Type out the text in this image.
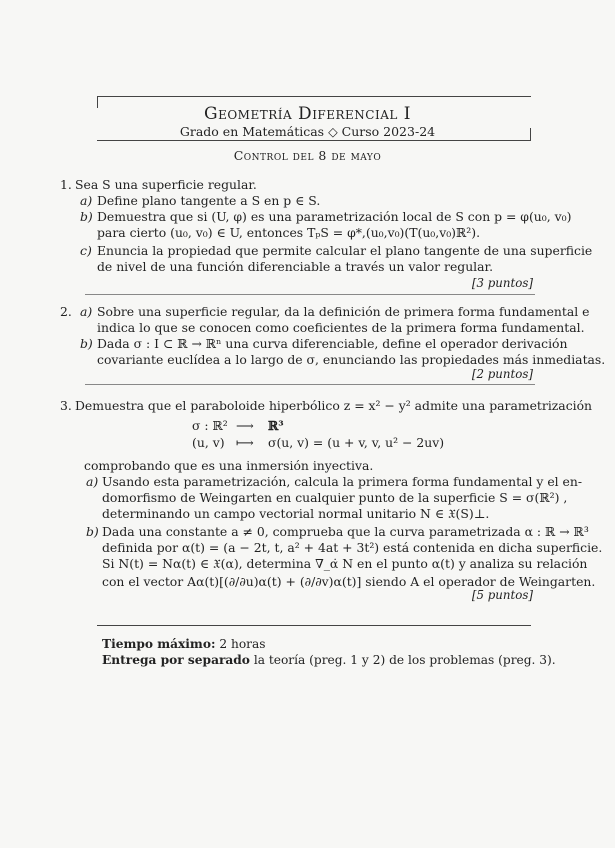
Geometría Diferencial I
Grado en Matemáticas ◇ Curso 2023-24
Control del 8 de mayo
1. Sea S una superficie regular.
a) Define plano tangente a S en p ∈ S.
b) Demuestra que si (U, φ) es una parametrización local de S con p = φ(u₀, v₀)
para cierto (u₀, v₀) ∈ U, entonces TₚS = φ*,(u₀,v₀)(T(u₀,v₀)ℝ²).
c) Enuncia la propiedad que permite calcular el plano tangente de una superficie
de nivel de una función diferenciable a través un valor regular.
[3 puntos]
2. a) Sobre una superficie regular, da la definición de primera forma fundamental e
indica lo que se conocen como coeficientes de la primera forma fundamental.
b) Dada σ : I ⊂ ℝ → ℝⁿ una curva diferenciable, define el operador derivación
covariante euclídea a lo largo de σ, enunciando las propiedades más inmediatas.
[2 puntos]
3. Demuestra que el paraboloide hiperbólico z = x² − y² admite una parametrización
σ : ℝ² ⟶ ℝ³
(u, v) ⟼ σ(u, v) = (u + v, v, u² − 2uv)
comprobando que es una inmersión inyectiva.
a) Usando esta parametrización, calcula la primera forma fundamental y el en-
domorfismo de Weingarten en cualquier punto de la superficie S = σ(ℝ²) ,
determinando un campo vectorial normal unitario N ∈ 𝔛(S)⊥.
b) Dada una constante a ≠ 0, comprueba que la curva parametrizada α : ℝ → ℝ³
definida por α(t) = (a − 2t, t, a² + 4at + 3t²) está contenida en dicha superficie.
Si N(t) = Nα(t) ∈ 𝔛(α), determina ∇_α̇ N en el punto α(t) y analiza su relación
con el vector Aα(t)[(∂/∂u)α(t) + (∂/∂v)α(t)] siendo A el operador de Weingarten.
[5 puntos]
Tiempo máximo: 2 horas
Entrega por separado la teoría (preg. 1 y 2) de los problemas (preg. 3).
